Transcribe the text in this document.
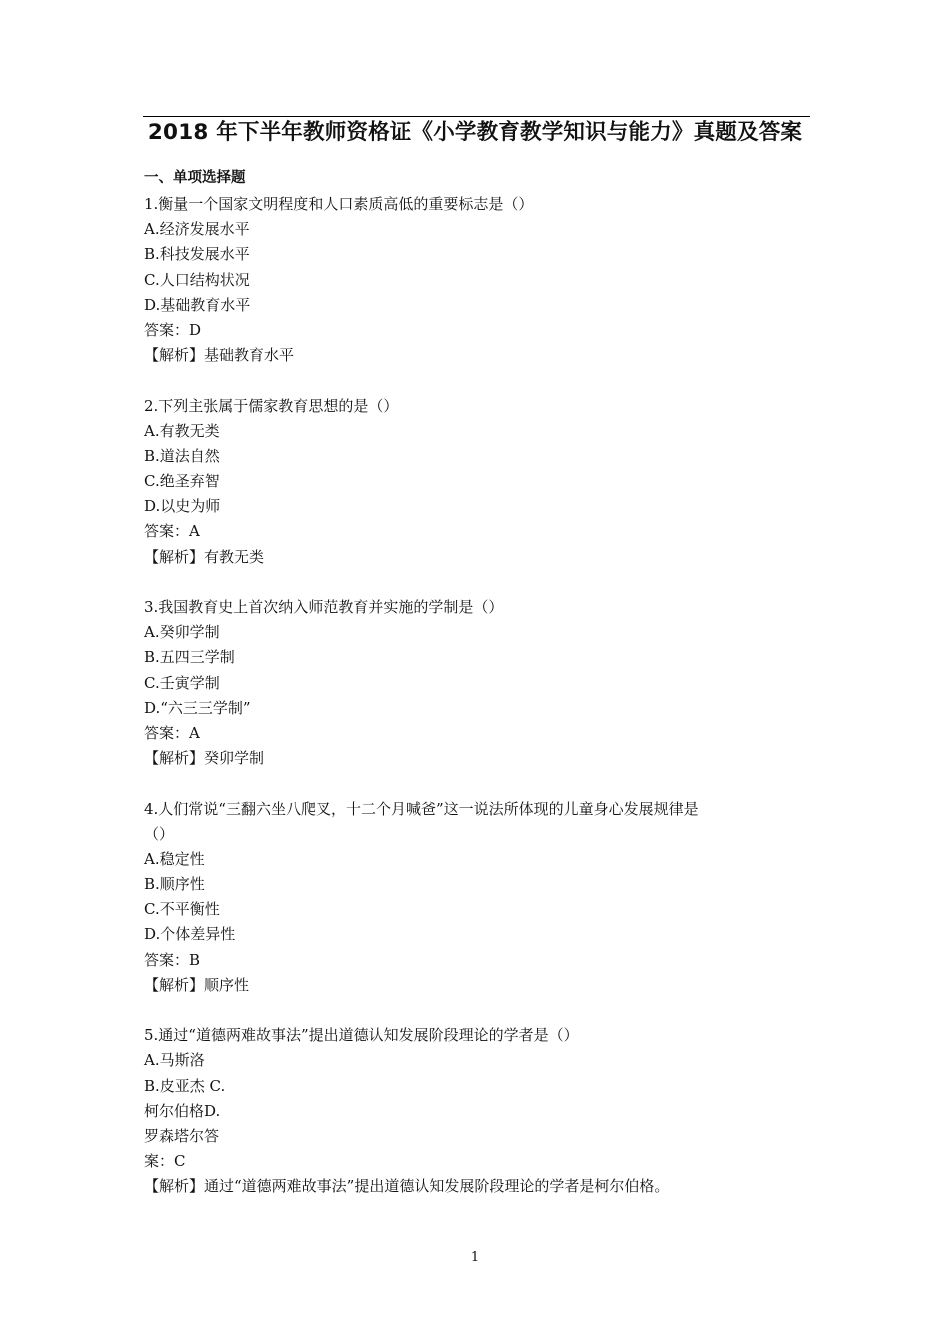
2018 年下半年教师资格证《小学教育教学知识与能力》真题及答案
一、单项选择题
1.衡量一个国家文明程度和人口素质高低的重要标志是（）
A.经济发展水平
B.科技发展水平
C.人口结构状况
D.基础教育水平
答案：D
【解析】基础教育水平
2.下列主张属于儒家教育思想的是（）
A.有教无类
B.道法自然
C.绝圣弃智
D.以史为师
答案：A
【解析】有教无类
3.我国教育史上首次纳入师范教育并实施的学制是（）
A.癸卯学制
B.五四三学制
C.壬寅学制
D.“六三三学制”
答案：A
【解析】癸卯学制
4.人们常说“三翻六坐八爬叉，十二个月喊爸”这一说法所体现的儿童身心发展规律是
（）
A.稳定性
B.顺序性
C.不平衡性
D.个体差异性
答案：B
【解析】顺序性
5.通过“道德两难故事法”提出道德认知发展阶段理论的学者是（）
A.马斯洛
B.皮亚杰 C.
柯尔伯格D.
罗森塔尔答
案：C
【解析】通过“道德两难故事法”提出道德认知发展阶段理论的学者是柯尔伯格。
1
